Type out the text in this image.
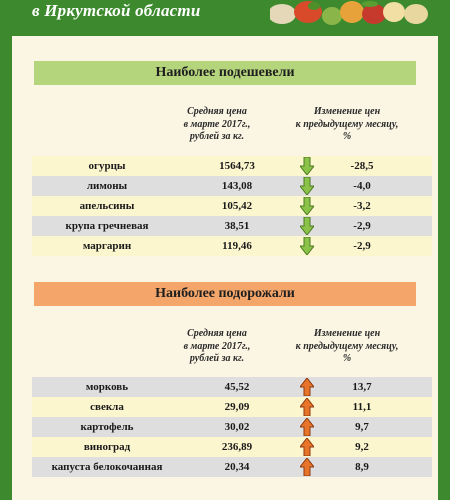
в Иркутской области
Наиболее подешевели
Средняя цена
в марте 2017г.,
рублей за кг.
Изменение цен
к предыдущему месяцу,
%
огурцы	1564,73	-28,5
лимоны	143,08	-4,0
апельсины	105,42	-3,2
крупа гречневая	38,51	-2,9
маргарин	119,46	-2,9
Наиболее подорожали
Средняя цена
в марте 2017г.,
рублей за кг.
Изменение цен
к предыдущему месяцу,
%
морковь	45,52	13,7
свекла	29,09	11,1
картофель	30,02	9,7
виноград	236,89	9,2
капуста белокочанная	20,34	8,9
